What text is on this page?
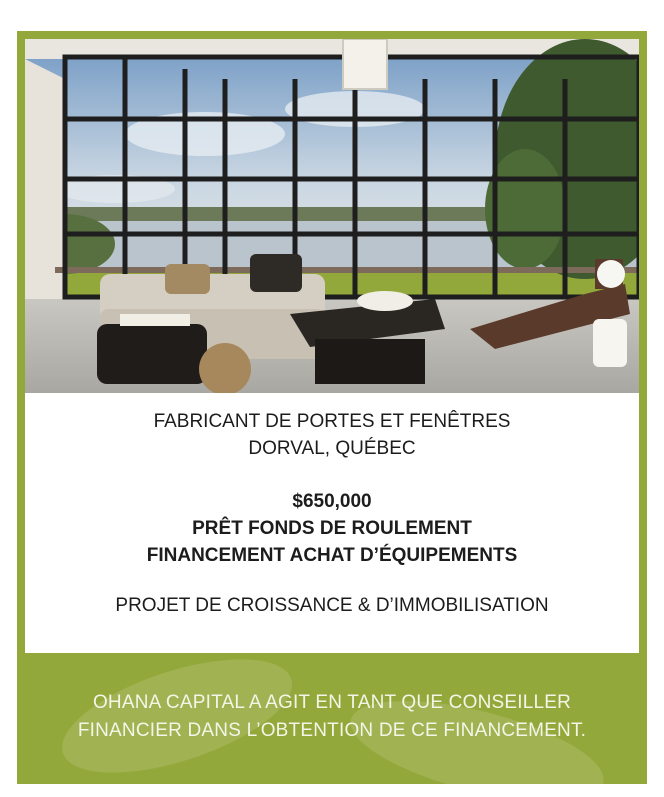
FABRICANT DE PORTES ET FENÊTRES
DORVAL, QUÉBEC
$650,000
PRÊT FONDS DE ROULEMENT
FINANCEMENT ACHAT D’ÉQUIPEMENTS
PROJET DE CROISSANCE & D’IMMOBILISATION
OHANA CAPITAL A AGIT EN TANT QUE CONSEILLER
FINANCIER DANS L’OBTENTION DE CE FINANCEMENT.
